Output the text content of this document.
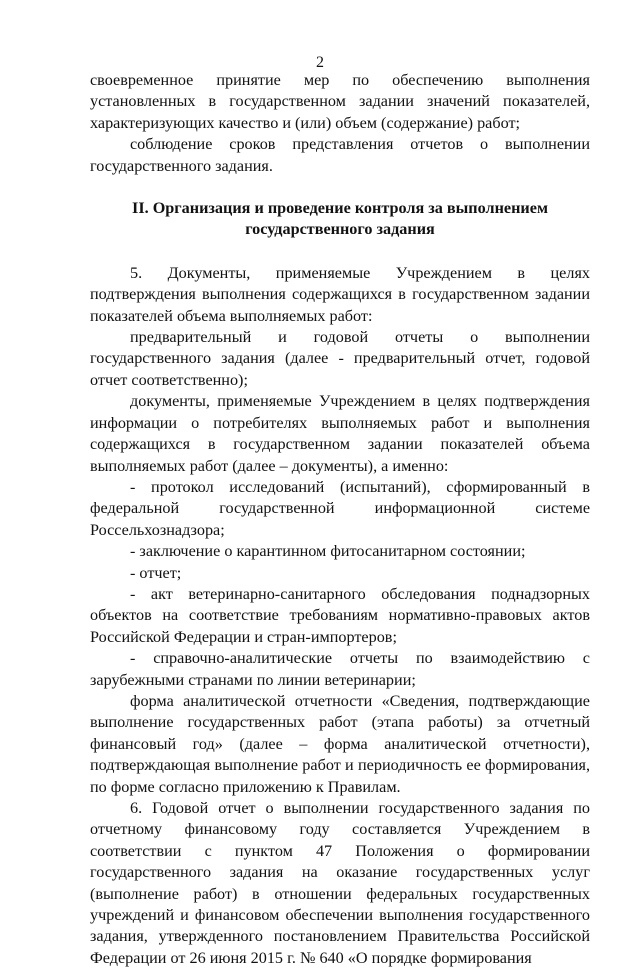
2

своевременное принятие мер по обеспечению выполнения установленных в государственном задании значений показателей, характеризующих качество и (или) объем (содержание) работ;

соблюдение сроков представления отчетов о выполнении государственного задания.

II. Организация и проведение контроля за выполнением государственного задания

5. Документы, применяемые Учреждением в целях подтверждения выполнения содержащихся в государственном задании показателей объема выполняемых работ:

предварительный и годовой отчеты о выполнении государственного задания (далее - предварительный отчет, годовой отчет соответственно);

документы, применяемые Учреждением в целях подтверждения информации о потребителях выполняемых работ и выполнения содержащихся в государственном задании показателей объема выполняемых работ (далее – документы), а именно:

- протокол исследований (испытаний), сформированный в федеральной государственной информационной системе Россельхознадзора;

- заключение о карантинном фитосанитарном состоянии;

- отчет;

- акт ветеринарно-санитарного обследования поднадзорных объектов на соответствие требованиям нормативно-правовых актов Российской Федерации и стран-импортеров;

- справочно-аналитические отчеты по взаимодействию с зарубежными странами по линии ветеринарии;

форма аналитической отчетности «Сведения, подтверждающие выполнение государственных работ (этапа работы) за отчетный финансовый год» (далее – форма аналитической отчетности), подтверждающая выполнение работ и периодичность ее формирования, по форме согласно приложению к Правилам.

6. Годовой отчет о выполнении государственного задания по отчетному финансовому году составляется Учреждением в соответствии с пунктом 47 Положения о формировании государственного задания на оказание государственных услуг (выполнение работ) в отношении федеральных государственных учреждений и финансовом обеспечении выполнения государственного задания, утвержденного постановлением Правительства Российской Федерации от 26 июня 2015 г. № 640 «О порядке формирования
